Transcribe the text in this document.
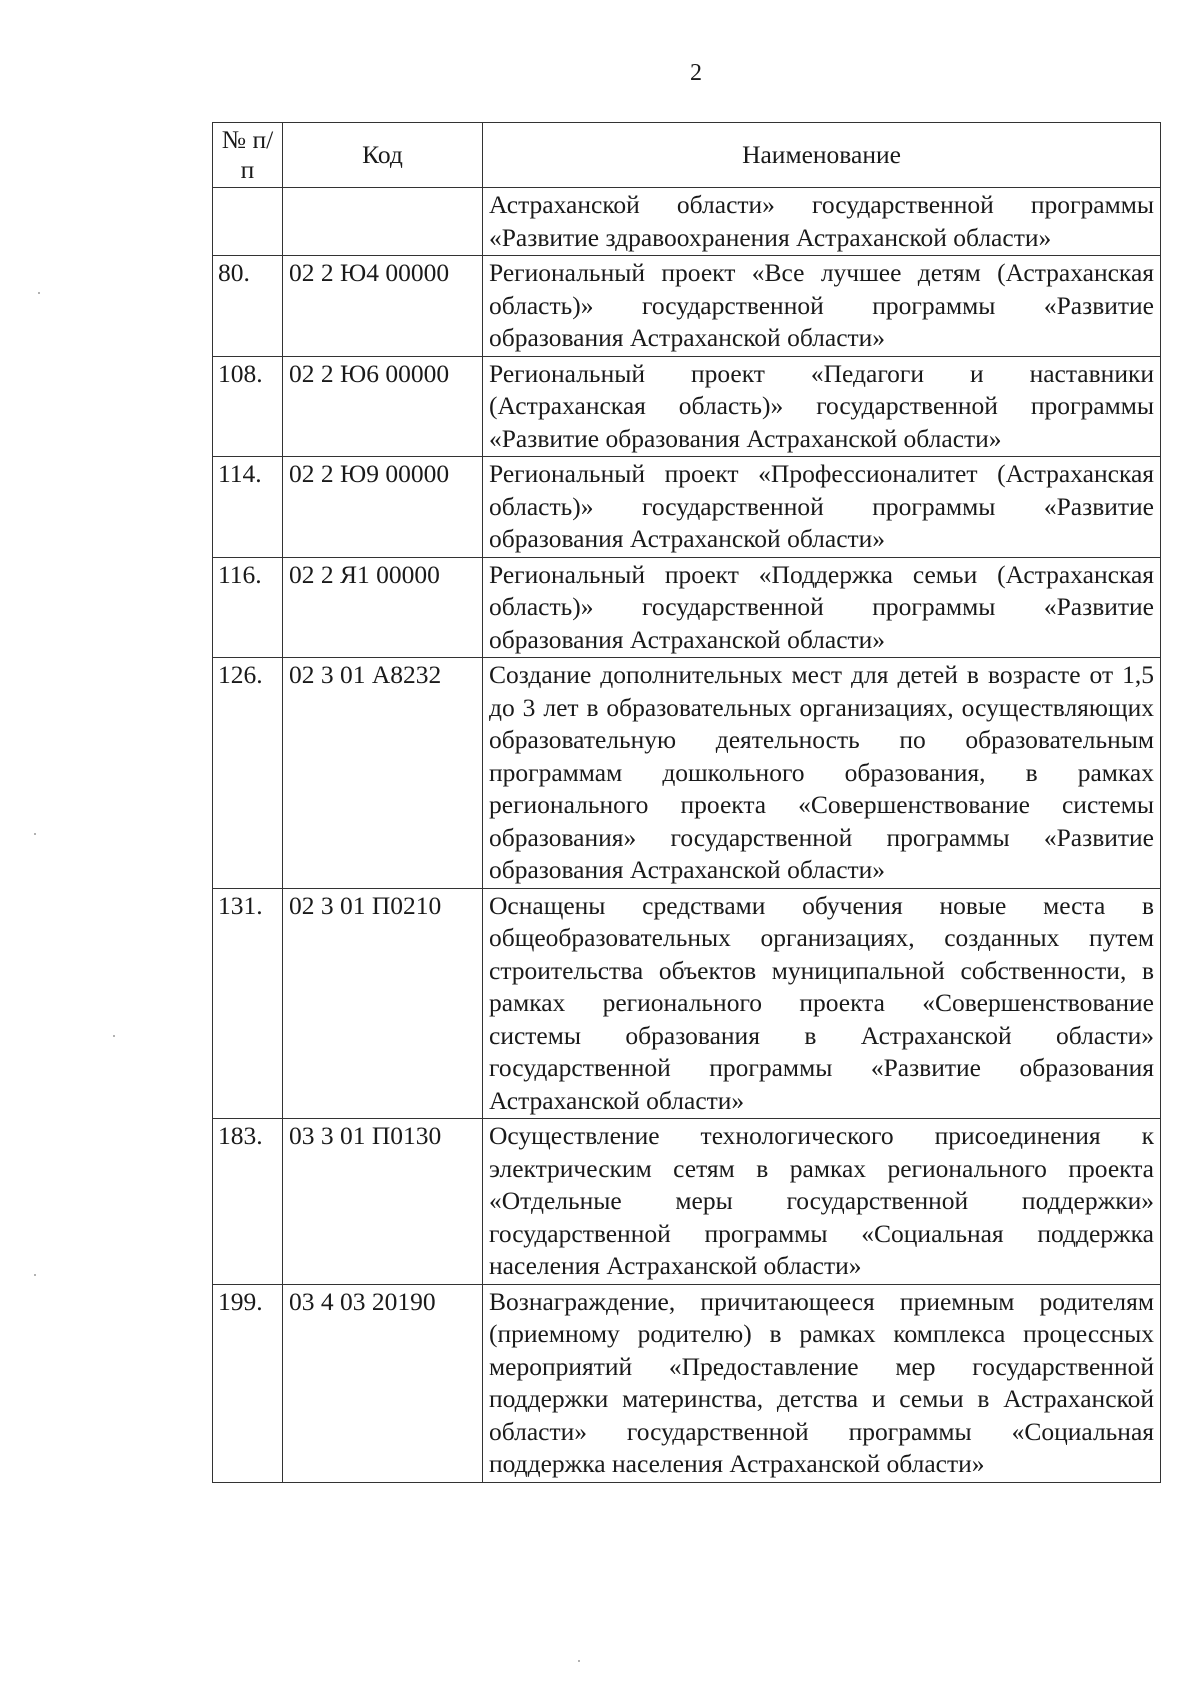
2
№ п/п	Код	Наименование
		Астраханской области» государственной программы «Развитие здравоохранения Астраханской области»
80.	02 2 Ю4 00000	Региональный проект «Все лучшее детям (Астраханская область)» государственной программы «Развитие образования Астраханской области»
108.	02 2 Ю6 00000	Региональный проект «Педагоги и наставники (Астраханская область)» государственной программы «Развитие образования Астраханской области»
114.	02 2 Ю9 00000	Региональный проект «Профессионалитет (Астраханская область)» государственной программы «Развитие образования Астраханской области»
116.	02 2 Я1 00000	Региональный проект «Поддержка семьи (Астраханская область)» государственной программы «Развитие образования Астраханской области»
126.	02 3 01 А8232	Создание дополнительных мест для детей в возрасте от 1,5 до 3 лет в образовательных организациях, осуществляющих образовательную деятельность по образовательным программам дошкольного образования, в рамках регионального проекта «Совершенствование системы образования» государственной программы «Развитие образования Астраханской области»
131.	02 3 01 П0210	Оснащены средствами обучения новые места в общеобразовательных организациях, созданных путем строительства объектов муниципальной собственности, в рамках регионального проекта «Совершенствование системы образования в Астраханской области» государственной программы «Развитие образования Астраханской области»
183.	03 3 01 П0130	Осуществление технологического присоединения к электрическим сетям в рамках регионального проекта «Отдельные меры государственной поддержки» государственной программы «Социальная поддержка населения Астраханской области»
199.	03 4 03 20190	Вознаграждение, причитающееся приемным родителям (приемному родителю) в рамках комплекса процессных мероприятий «Предоставление мер государственной поддержки материнства, детства и семьи в Астраханской области» государственной программы «Социальная поддержка населения Астраханской области»
